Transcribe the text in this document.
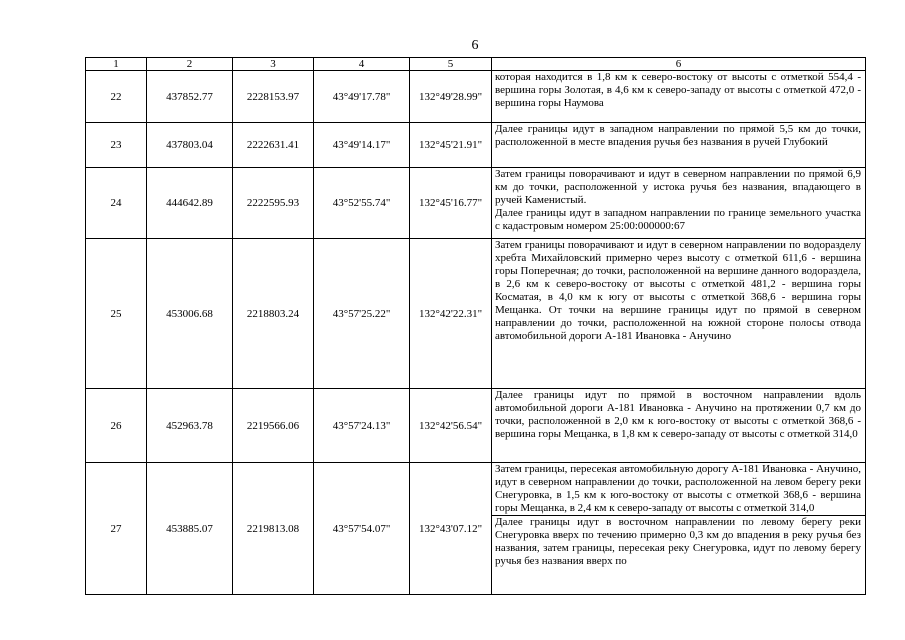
6
1	2	3	4	5	6
22	437852.77	2228153.97	43°49'17.78"	132°49'28.99"	которая находится в 1,8 км к северо-востоку от высоты с отметкой 554,4 - вершина горы Золотая, в 4,6 км к северо-западу от высоты с отметкой 472,0 - вершина горы Наумова

23	437803.04	2222631.41	43°49'14.17"	132°45'21.91"	Далее границы идут в западном направлении по прямой 5,5 км до точки, расположенной в месте впадения ручья без названия в ручей Глубокий

24	444642.89	2222595.93	43°52'55.74"	132°45'16.77"	Затем границы поворачивают и идут в северном направлении по прямой 6,9 км до точки, расположенной у истока ручья без названия, впадающего в ручей Каменистый.
Далее границы идут в западном направлении по границе земельного участка с кадастровым номером 25:00:000000:67

25	453006.68	2218803.24	43°57'25.22"	132°42'22.31"	Затем границы поворачивают и идут в северном направлении по водоразделу хребта Михайловский примерно через высоту с отметкой 611,6 - вершина горы Поперечная; до точки, расположенной на вершине данного водораздела, в 2,6 км к северо-востоку от высоты с отметкой 481,2 - вершина горы Косматая, в 4,0 км к югу от высоты с отметкой 368,6 - вершина горы Мещанка. От точки на вершине границы идут по прямой в северном направлении до точки, расположенной на южной стороне полосы отвода автомобильной дороги А-181 Ивановка - Анучино

26	452963.78	2219566.06	43°57'24.13"	132°42'56.54"	Далее границы идут по прямой в восточном направлении вдоль автомобильной дороги А-181 Ивановка - Анучино на протяжении 0,7 км до точки, расположенной в 2,0 км к юго-востоку от высоты с отметкой 368,6 - вершина горы Мещанка, в 1,8 км к северо-западу от высоты с отметкой 314,0

27	453885.07	2219813.08	43°57'54.07"	132°43'07.12"	Затем границы, пересекая автомобильную дорогу А-181 Ивановка - Анучино, идут в северном направлении до точки, расположенной на левом берегу реки Снегуровка, в 1,5 км к юго-востоку от высоты с отметкой 368,6 - вершина горы Мещанка, в 2,4 км к северо-западу от высоты с отметкой 314,0
Далее границы идут в восточном направлении по левому берегу реки Снегуровка вверх по течению примерно 0,3 км до впадения в реку ручья без названия, затем границы, пересекая реку Снегуровка, идут по левому берегу ручья без названия вверх по
